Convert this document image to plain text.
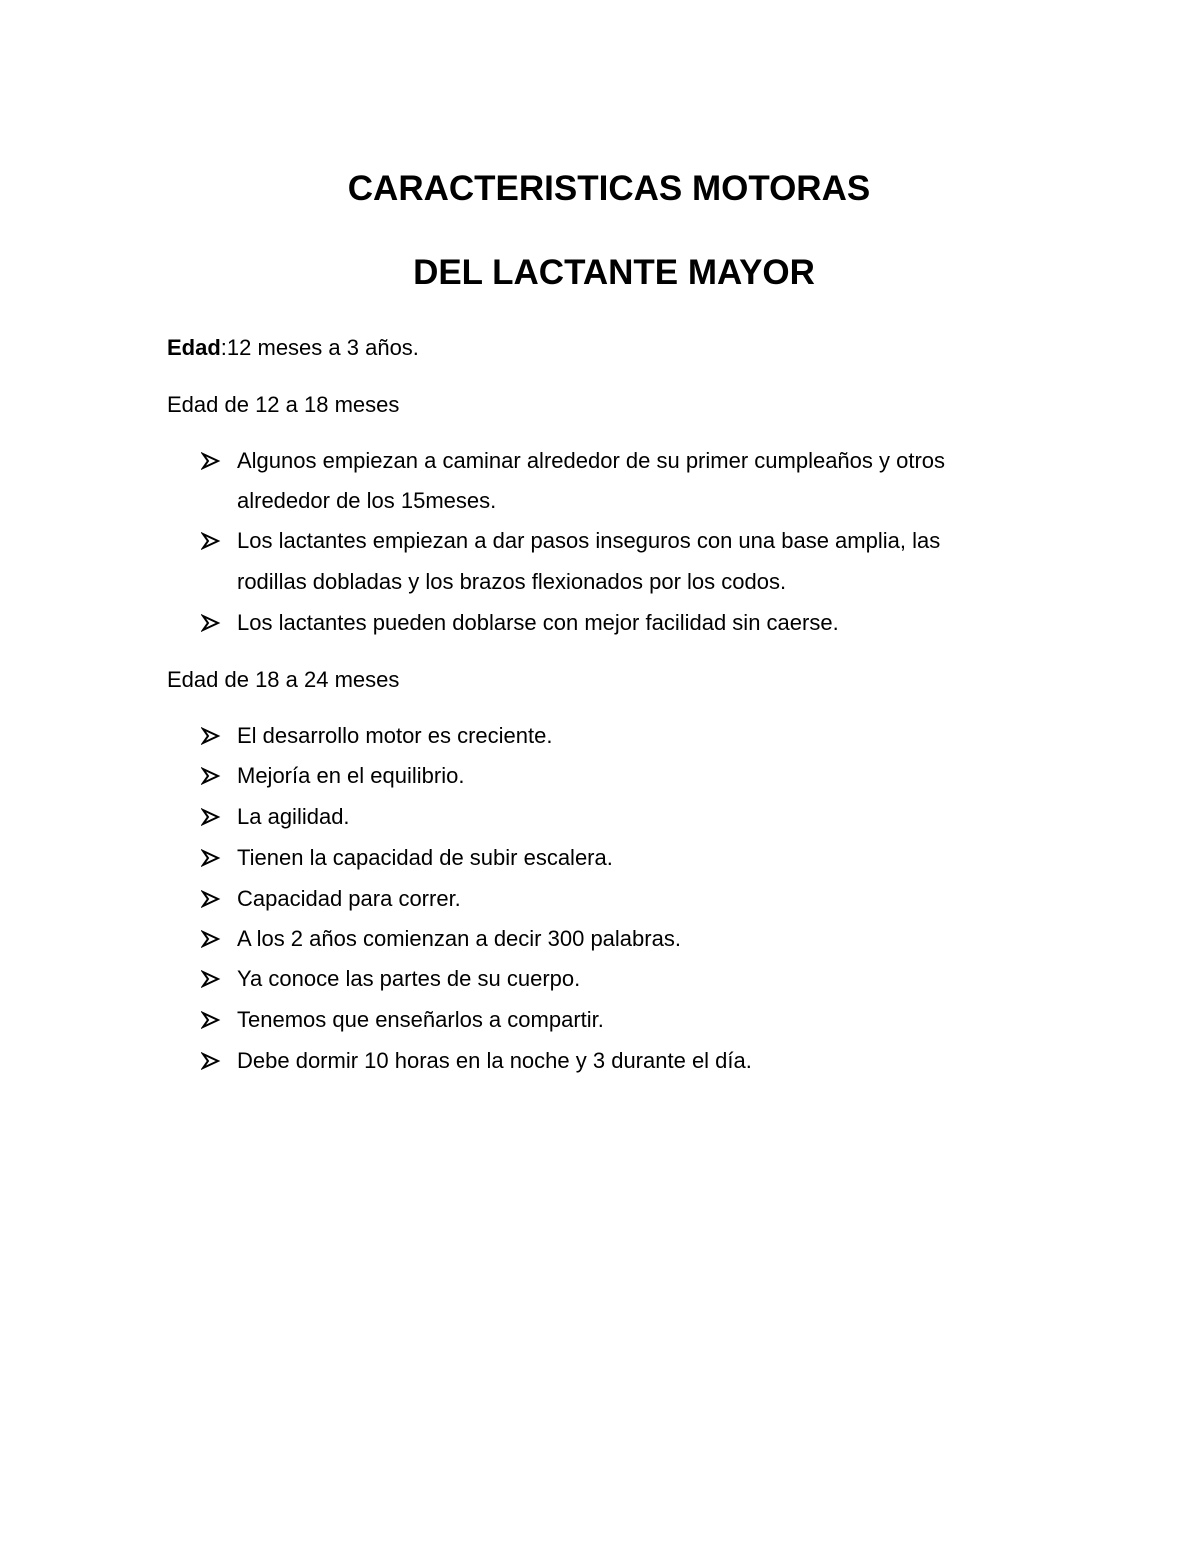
CARACTERISTICAS MOTORAS
DEL LACTANTE MAYOR
Edad:12 meses a 3 años.
Edad de 12 a 18 meses
Algunos empiezan a caminar alrededor de su primer cumpleaños y otros
alrededor de los 15meses.
Los lactantes empiezan a dar pasos inseguros con una base amplia, las
rodillas dobladas y los brazos flexionados por los codos.
Los lactantes pueden doblarse con mejor facilidad sin caerse.
Edad de 18 a 24 meses
El desarrollo motor es creciente.
Mejoría en el equilibrio.
La agilidad.
Tienen la capacidad de subir escalera.
Capacidad para correr.
A los 2 años comienzan a decir 300 palabras.
Ya conoce las partes de su cuerpo.
Tenemos que enseñarlos a compartir.
Debe dormir 10 horas en la noche y 3 durante el día.
